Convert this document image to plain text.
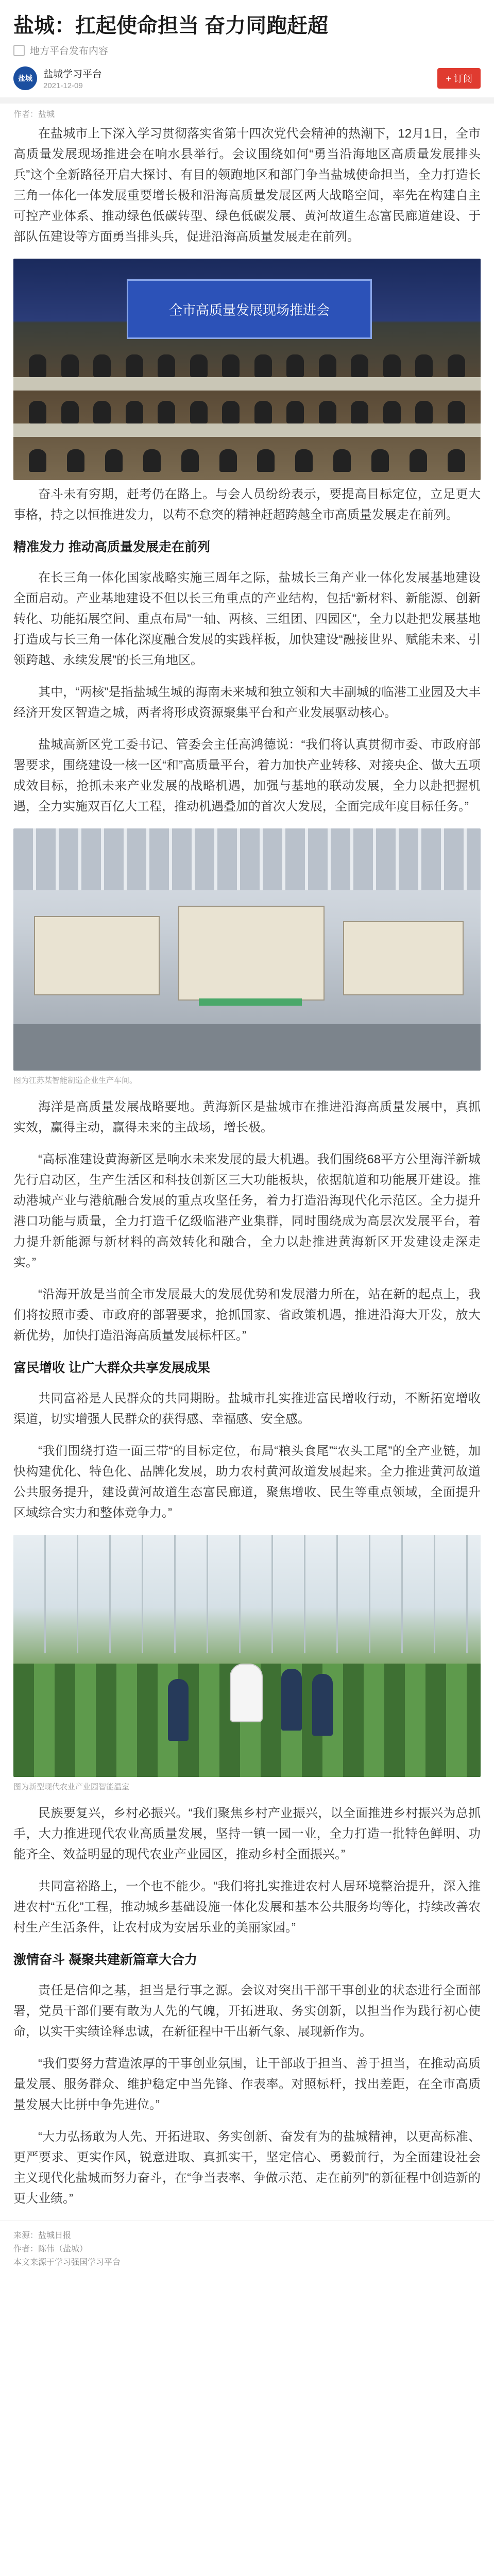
盐城：扛起使命担当 奋力同跑赶超
地方平台发布内容
盐城 盐城学习平台
2021-12-09
+ 订阅
作者：盐城

在盐城市上下深入学习贯彻落实省第十四次党代会精神的热潮下，12月1日，全市高质量发展现场推进会在响水县举行。会议围绕如何“勇当沿海地区高质量发展排头兵”这个全新路径开启大探讨、有目的领跑地区和部门争当盐城使命担当，全力打造长三角一体化一体发展重要增长极和沿海高质量发展区两大战略空间，率先在构建自主可控产业体系、推动绿色低碳转型、绿色低碳发展、黄河故道生态富民廊道建设、于部队伍建设等方面勇当排头兵，促进沿海高质量发展走在前列。

全市高质量发展现场推进会

奋斗未有穷期，赶考仍在路上。与会人员纷纷表示，要提高目标定位，立足更大事格，持之以恒推进发力，以苟不怠突的精神赶超跨越全市高质量发展走在前列。

精准发力 推动高质量发展走在前列

在长三角一体化国家战略实施三周年之际，盐城长三角产业一体化发展基地建设全面启动。产业基地建设不但以长三角重点的产业结构，包括“新材料、新能源、创新转化、功能拓展空间、重点布局”一轴、两核、三组团、四园区”，全力以赴把发展基地打造成与长三角一体化深度融合发展的实践样板，加快建设“融接世界、赋能未来、引领跨越、永续发展”的长三角地区。

其中，“两核”是指盐城生城的海南未来城和独立领和大丰副城的临港工业园及大丰经济开发区智造之城，两者将形成资源聚集平台和产业发展驱动核心。

盐城高新区党工委书记、管委会主任高鸿德说：“我们将认真贯彻市委、市政府部署要求，围绕建设一核一区“和”高质量平台，着力加快产业转移、对接央企、做大五项成效目标，抢抓未来产业发展的战略机遇，加强与基地的联动发展，全力以赴把握机遇，全力实施双百亿大工程，推动机遇叠加的首次大发展，全面完成年度目标任务。”

图为江苏某智能制造企业生产车间。

海洋是高质量发展战略要地。黄海新区是盐城市在推进沿海高质量发展中，真抓实效，赢得主动，赢得未来的主战场，增长极。

“高标准建设黄海新区是响水未来发展的最大机遇。我们围绕68平方公里海洋新城先行启动区，生产生活区和科技创新区三大功能板块，依据航道和功能展开建设。推动港城产业与港航融合发展的重点攻坚任务，着力打造沿海现代化示范区。全力提升港口功能与质量，全力打造千亿级临港产业集群，同时围绕成为高层次发展平台，着力提升新能源与新材料的高效转化和融合，全力以赴推进黄海新区开发建设走深走实。”

“沿海开放是当前全市发展最大的发展优势和发展潜力所在，站在新的起点上，我们将按照市委、市政府的部署要求，抢抓国家、省政策机遇，推进沿海大开发，放大新优势，加快打造沿海高质量发展标杆区。”

富民增收 让广大群众共享发展成果

共同富裕是人民群众的共同期盼。盐城市扎实推进富民增收行动，不断拓宽增收渠道，切实增强人民群众的获得感、幸福感、安全感。

“我们围绕打造一面三带“的目标定位，布局“粮头食尾”“农头工尾”的全产业链，加快构建优化、特色化、品牌化发展，助力农村黄河故道发展起来。全力推进黄河故道公共服务提升，建设黄河故道生态富民廊道，聚焦增收、民生等重点领域，全面提升区域综合实力和整体竞争力。”

图为新型现代农业产业园智能温室

民族要复兴，乡村必振兴。“我们聚焦乡村产业振兴，以全面推进乡村振兴为总抓手，大力推进现代农业高质量发展，坚持一镇一园一业，全力打造一批特色鲜明、功能齐全、效益明显的现代农业产业园区，推动乡村全面振兴。”

共同富裕路上，一个也不能少。“我们将扎实推进农村人居环境整治提升，深入推进农村“五化”工程，推动城乡基础设施一体化发展和基本公共服务均等化，持续改善农村生产生活条件，让农村成为安居乐业的美丽家园。”

激情奋斗 凝聚共建新篇章大合力

责任是信仰之基，担当是行事之源。会议对突出干部干事创业的状态进行全面部署，党员干部们要有敢为人先的气魄，开拓进取、务实创新，以担当作为践行初心使命，以实干实绩诠释忠诚，在新征程中干出新气象、展现新作为。

“我们要努力营造浓厚的干事创业氛围，让干部敢于担当、善于担当，在推动高质量发展、服务群众、维护稳定中当先锋、作表率。对照标杆，找出差距，在全市高质量发展大比拼中争先进位。”

“大力弘扬敢为人先、开拓进取、务实创新、奋发有为的盐城精神，以更高标准、更严要求、更实作风，锐意进取、真抓实干，坚定信心、勇毅前行，为全面建设社会主义现代化盐城而努力奋斗，在“争当表率、争做示范、走在前列”的新征程中创造新的更大业绩。”

来源：盐城日报
作者：陈伟（盐城）
本文来源于学习强国学习平台
